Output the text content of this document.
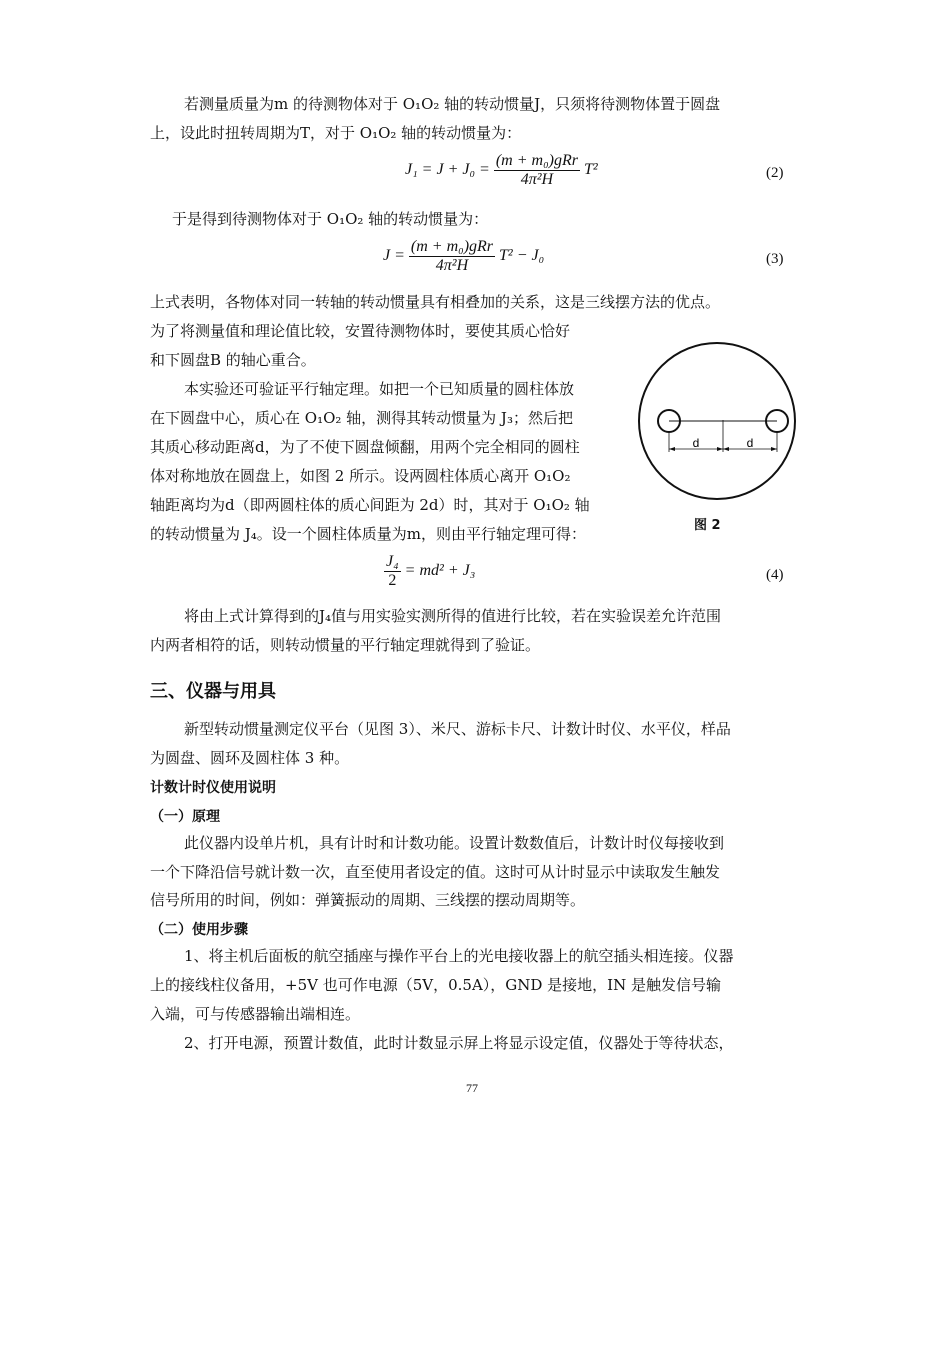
若测量质量为m 的待测物体对于 O₁O₂ 轴的转动惯量J，只须将待测物体置于圆盘
上，设此时扭转周期为T，对于 O₁O₂ 轴的转动惯量为：
$J_1 = J + J_0 = \frac{\text{(m + m₀)gRr}}{\text{4π²H}} T^2$	(2)
于是得到待测物体对于 O₁O₂ 轴的转动惯量为：
$J = \frac{\text{(m + m₀)gRr}}{\text{4π²H}} T^2 - J_0$	(3)
上式表明，各物体对同一转轴的转动惯量具有相叠加的关系，这是三线摆方法的优点。
为了将测量值和理论值比较，安置待测物体时，要使其质心恰好
和下圆盘B 的轴心重合。
本实验还可验证平行轴定理。如把一个已知质量的圆柱体放
在下圆盘中心，质心在 O₁O₂ 轴，测得其转动惯量为 J₃；然后把
其质心移动距离d，为了不使下圆盘倾翻，用两个完全相同的圆柱
体对称地放在圆盘上，如图 2 所示。设两圆柱体质心离开 O₁O₂
轴距离均为d（即两圆柱体的质心间距为 2d）时，其对于 O₁O₂ 轴
的转动惯量为 J₄。设一个圆柱体质量为m，则由平行轴定理可得：
d	d
图 2
$\frac{\text{J₄}}{2} = md^2 + J_3$	(4)
将由上式计算得到的J₄值与用实验实测所得的值进行比较，若在实验误差允许范围
内两者相符的话，则转动惯量的平行轴定理就得到了验证。
三、仪器与用具
新型转动惯量测定仪平台（见图 3）、米尺、游标卡尺、计数计时仪、水平仪，样品
为圆盘、圆环及圆柱体 3 种。
计数计时仪使用说明
（一）原理
此仪器内设单片机，具有计时和计数功能。设置计数数值后，计数计时仪每接收到
一个下降沿信号就计数一次，直至使用者设定的值。这时可从计时显示中读取发生触发
信号所用的时间，例如：弹簧振动的周期、三线摆的摆动周期等。
（二）使用步骤
1、将主机后面板的航空插座与操作平台上的光电接收器上的航空插头相连接。仪器
上的接线柱仪备用，+5V 也可作电源（5V，0.5A），GND 是接地，IN 是触发信号输
入端，可与传感器输出端相连。
2、打开电源，预置计数值，此时计数显示屏上将显示设定值，仪器处于等待状态，
77
